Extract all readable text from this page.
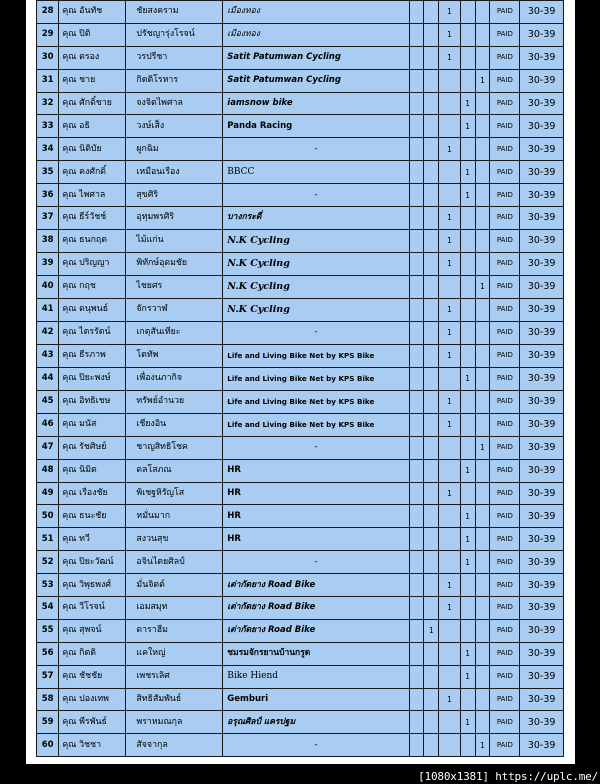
28	คุณ อันทัช	ชัยสงคราม	เมืองทอง			1			PAID	30-39
29	คุณ ปิติ	ปรัชญารุ่งโรจน์	เมืองทอง			1			PAID	30-39
30	คุณ ตรอง	วรปรีชา	Satit Patumwan Cycling			1			PAID	30-39
31	คุณ ชาย	กิตติโรหาร	Satit Patumwan Cycling					1	PAID	30-39
32	คุณ ศักดิ์ชาย	จงจิตไพศาล	iamsnow bike				1		PAID	30-39
33	คุณ อธิ	วงษ์เส็ง	Panda Racing				1		PAID	30-39
34	คุณ นิติบัย	ผูกฉิม	-			1			PAID	30-39
35	คุณ คงศักดิ์	เหมือนเรือง	BBCC				1		PAID	30-39
36	คุณ ไพศาล	สุขศิริ	-				1		PAID	30-39
37	คุณ ธีร์วัชช์	อุทุมพรศิริ	บางกระดี่			1			PAID	30-39
38	คุณ ธนกฤต	ไม้แก่น	N.K Cycling			1			PAID	30-39
39	คุณ ปริญญา	พิทักษ์อุดมชัย	N.K Cycling			1			PAID	30-39
40	คุณ กฤช	ไชยศร	N.K Cycling					1	PAID	30-39
41	คุณ ดนุพนธ์	จักรวาฬ	N.K Cycling			1			PAID	30-39
42	คุณ ไตรรัตน์	เกตุสันเทียะ	-			1			PAID	30-39
43	คุณ ธีรภาพ	โตทัพ	Life and Living Bike Net by KPS Bike			1			PAID	30-39
44	คุณ ปิยะพงษ์	เพื่องนภากิจ	Life and Living Bike Net by KPS Bike				1		PAID	30-39
45	คุณ อิทธิเชษ	ทรัพย์อำนวย	Life and Living Bike Net by KPS Bike			1			PAID	30-39
46	คุณ มนัส	เชียงอิน	Life and Living Bike Net by KPS Bike			1			PAID	30-39
47	คุณ รัชศิษย์	ชาญสิทธิโชค	-					1	PAID	30-39
48	คุณ นิมิต	ดลโสภณ	HR				1		PAID	30-39
49	คุณ เรืองชัย	พิเชฐหิรัญโส	HR			1			PAID	30-39
50	คุณ ธนะชัย	หมั่นมาก	HR				1		PAID	30-39
51	คุณ ทวี	สงวนสุข	HR				1		PAID	30-39
52	คุณ ปิยะวัฒน์	อจินไตยศิลป์	-				1		PAID	30-39
53	คุณ วิพุธพงศ์	มั่นจิตต์	เต่ากัดยาง Road Bike			1			PAID	30-39
54	คุณ วีโรจน์	เอมสมุท	เต่ากัดยาง Road Bike			1			PAID	30-39
55	คุณ สุพจน์	ดาราฮีม	เต่ากัดยาง Road Bike		1				PAID	30-39
56	คุณ กิตติ	แคใหญ่	ชมรมจักรยานบ้านกรูด				1		PAID	30-39
57	คุณ ชัชชัย	เพชรเลิศ	Bike Hiend				1		PAID	30-39
58	คุณ ปองเทพ	สิทธิสัมพันธ์	Gemburi			1			PAID	30-39
59	คุณ พีรพันธ์	พราหมณกุล	อรุณศิลป์ แครปฐม				1		PAID	30-39
60	คุณ วิชชา	สัจจากุล	-					1	PAID	30-39
[1080x1381] https://uplc.me/
